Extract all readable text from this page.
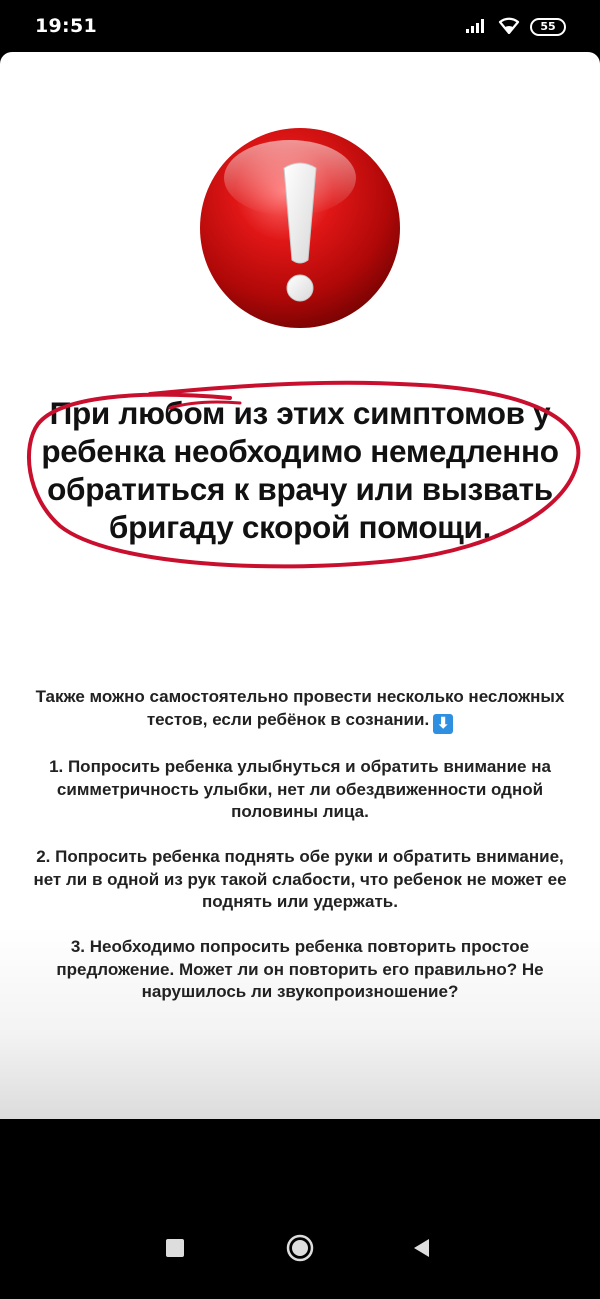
19:51	55
При любом из этих симптомов у ребенка необходимо немедленно обратиться к врачу или вызвать бригаду скорой помощи.

Также можно самостоятельно провести несколько несложных тестов, если ребёнок в сознании. ⬇

1. Попросить ребенка улыбнуться и обратить внимание на симметричность улыбки, нет ли обездвиженности одной половины лица.

2. Попросить ребенка поднять обе руки и обратить внимание, нет ли в одной из рук такой слабости, что ребенок не может ее поднять или удержать.

3. Необходимо попросить ребенка повторить простое предложение. Может ли он повторить его правильно? Не нарушилось ли звукопроизношение?
